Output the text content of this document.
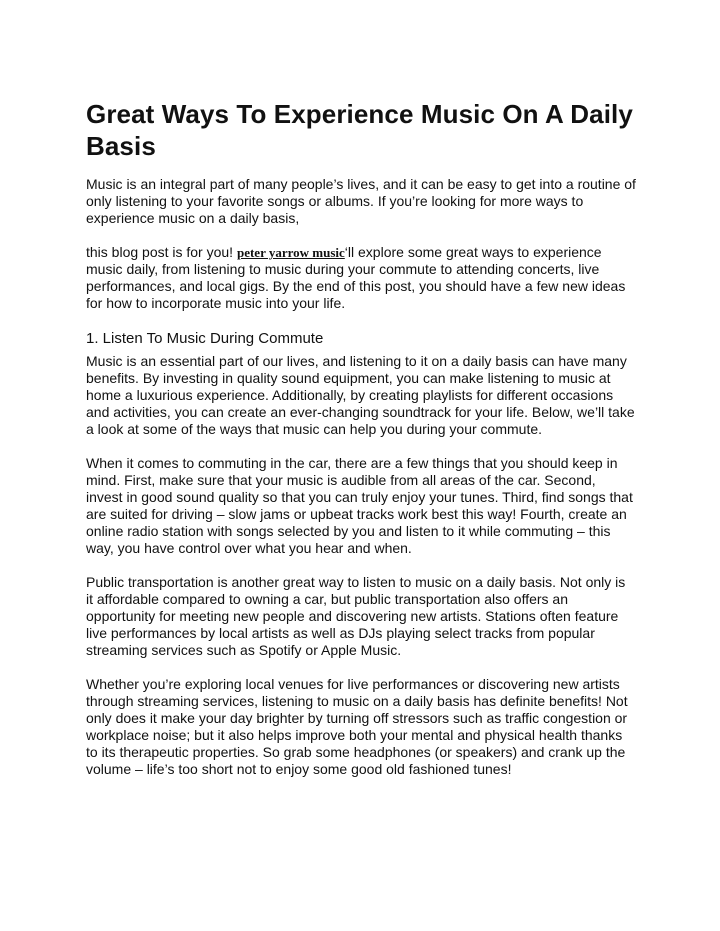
Great Ways To Experience Music On A Daily Basis

Music is an integral part of many people’s lives, and it can be easy to get into a routine of only listening to your favorite songs or albums. If you’re looking for more ways to experience music on a daily basis,

this blog post is for you! peter yarrow music‘ll explore some great ways to experience music daily, from listening to music during your commute to attending concerts, live performances, and local gigs. By the end of this post, you should have a few new ideas for how to incorporate music into your life.

1. Listen To Music During Commute

Music is an essential part of our lives, and listening to it on a daily basis can have many benefits. By investing in quality sound equipment, you can make listening to music at home a luxurious experience. Additionally, by creating playlists for different occasions and activities, you can create an ever-changing soundtrack for your life. Below, we’ll take a look at some of the ways that music can help you during your commute.

When it comes to commuting in the car, there are a few things that you should keep in mind. First, make sure that your music is audible from all areas of the car. Second, invest in good sound quality so that you can truly enjoy your tunes. Third, find songs that are suited for driving – slow jams or upbeat tracks work best this way! Fourth, create an online radio station with songs selected by you and listen to it while commuting – this way, you have control over what you hear and when.

Public transportation is another great way to listen to music on a daily basis. Not only is it affordable compared to owning a car, but public transportation also offers an opportunity for meeting new people and discovering new artists. Stations often feature live performances by local artists as well as DJs playing select tracks from popular streaming services such as Spotify or Apple Music.

Whether you’re exploring local venues for live performances or discovering new artists through streaming services, listening to music on a daily basis has definite benefits! Not only does it make your day brighter by turning off stressors such as traffic congestion or workplace noise; but it also helps improve both your mental and physical health thanks to its therapeutic properties. So grab some headphones (or speakers) and crank up the volume – life’s too short not to enjoy some good old fashioned tunes!
